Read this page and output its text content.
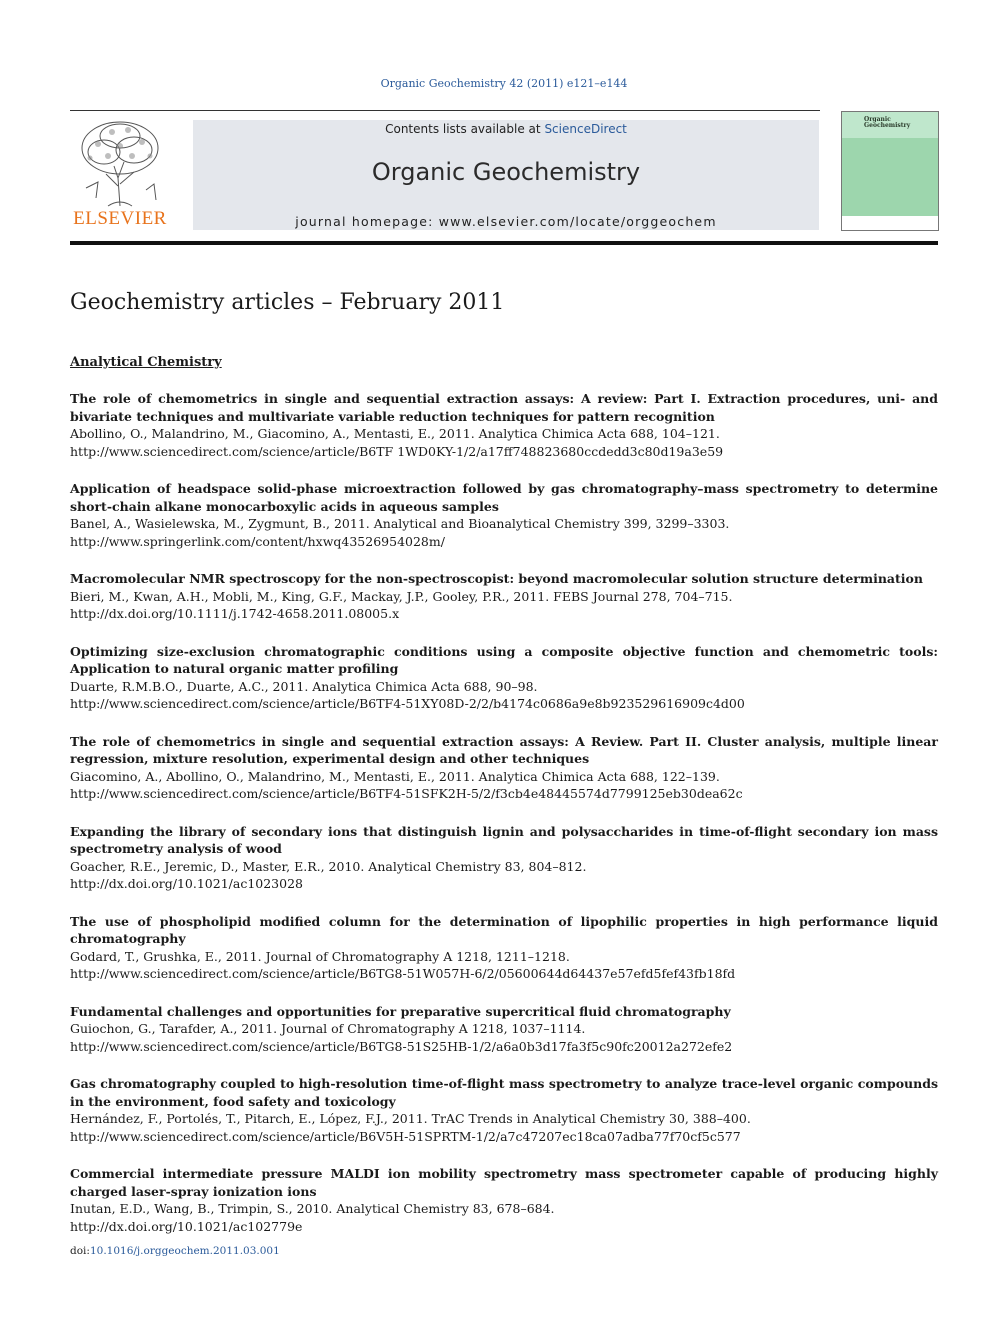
Organic Geochemistry 42 (2011) e121–e144
ELSEVIER
Contents lists available at ScienceDirect
Organic Geochemistry
journal homepage: www.elsevier.com/locate/orggeochem
Organic Geochemistry
Geochemistry articles – February 2011
Analytical Chemistry
The role of chemometrics in single and sequential extraction assays: A review: Part I. Extraction procedures, uni- and bivariate techniques and multivariate variable reduction techniques for pattern recognition
Abollino, O., Malandrino, M., Giacomino, A., Mentasti, E., 2011. Analytica Chimica Acta 688, 104–121.
http://www.sciencedirect.com/science/article/B6TF 1WD0KY-1/2/a17ff748823680ccdedd3c80d19a3e59
Application of headspace solid-phase microextraction followed by gas chromatography–mass spectrometry to determine short-chain alkane monocarboxylic acids in aqueous samples
Banel, A., Wasielewska, M., Zygmunt, B., 2011. Analytical and Bioanalytical Chemistry 399, 3299–3303.
http://www.springerlink.com/content/hxwq43526954028m/
Macromolecular NMR spectroscopy for the non-spectroscopist: beyond macromolecular solution structure determination
Bieri, M., Kwan, A.H., Mobli, M., King, G.F., Mackay, J.P., Gooley, P.R., 2011. FEBS Journal 278, 704–715.
http://dx.doi.org/10.1111/j.1742-4658.2011.08005.x
Optimizing size-exclusion chromatographic conditions using a composite objective function and chemometric tools: Application to natural organic matter profiling
Duarte, R.M.B.O., Duarte, A.C., 2011. Analytica Chimica Acta 688, 90–98.
http://www.sciencedirect.com/science/article/B6TF4-51XY08D-2/2/b4174c0686a9e8b923529616909c4d00
The role of chemometrics in single and sequential extraction assays: A Review. Part II. Cluster analysis, multiple linear regression, mixture resolution, experimental design and other techniques
Giacomino, A., Abollino, O., Malandrino, M., Mentasti, E., 2011. Analytica Chimica Acta 688, 122–139.
http://www.sciencedirect.com/science/article/B6TF4-51SFK2H-5/2/f3cb4e48445574d7799125eb30dea62c
Expanding the library of secondary ions that distinguish lignin and polysaccharides in time-of-flight secondary ion mass spectrometry analysis of wood
Goacher, R.E., Jeremic, D., Master, E.R., 2010. Analytical Chemistry 83, 804–812.
http://dx.doi.org/10.1021/ac1023028
The use of phospholipid modified column for the determination of lipophilic properties in high performance liquid chromatography
Godard, T., Grushka, E., 2011. Journal of Chromatography A 1218, 1211–1218.
http://www.sciencedirect.com/science/article/B6TG8-51W057H-6/2/05600644d64437e57efd5fef43fb18fd
Fundamental challenges and opportunities for preparative supercritical fluid chromatography
Guiochon, G., Tarafder, A., 2011. Journal of Chromatography A 1218, 1037–1114.
http://www.sciencedirect.com/science/article/B6TG8-51S25HB-1/2/a6a0b3d17fa3f5c90fc20012a272efe2
Gas chromatography coupled to high-resolution time-of-flight mass spectrometry to analyze trace-level organic compounds in the environment, food safety and toxicology
Hernández, F., Portolés, T., Pitarch, E., López, F.J., 2011. TrAC Trends in Analytical Chemistry 30, 388–400.
http://www.sciencedirect.com/science/article/B6V5H-51SPRTM-1/2/a7c47207ec18ca07adba77f70cf5c577
Commercial intermediate pressure MALDI ion mobility spectrometry mass spectrometer capable of producing highly charged laser-spray ionization ions
Inutan, E.D., Wang, B., Trimpin, S., 2010. Analytical Chemistry 83, 678–684.
http://dx.doi.org/10.1021/ac102779e
doi:10.1016/j.orggeochem.2011.03.001
